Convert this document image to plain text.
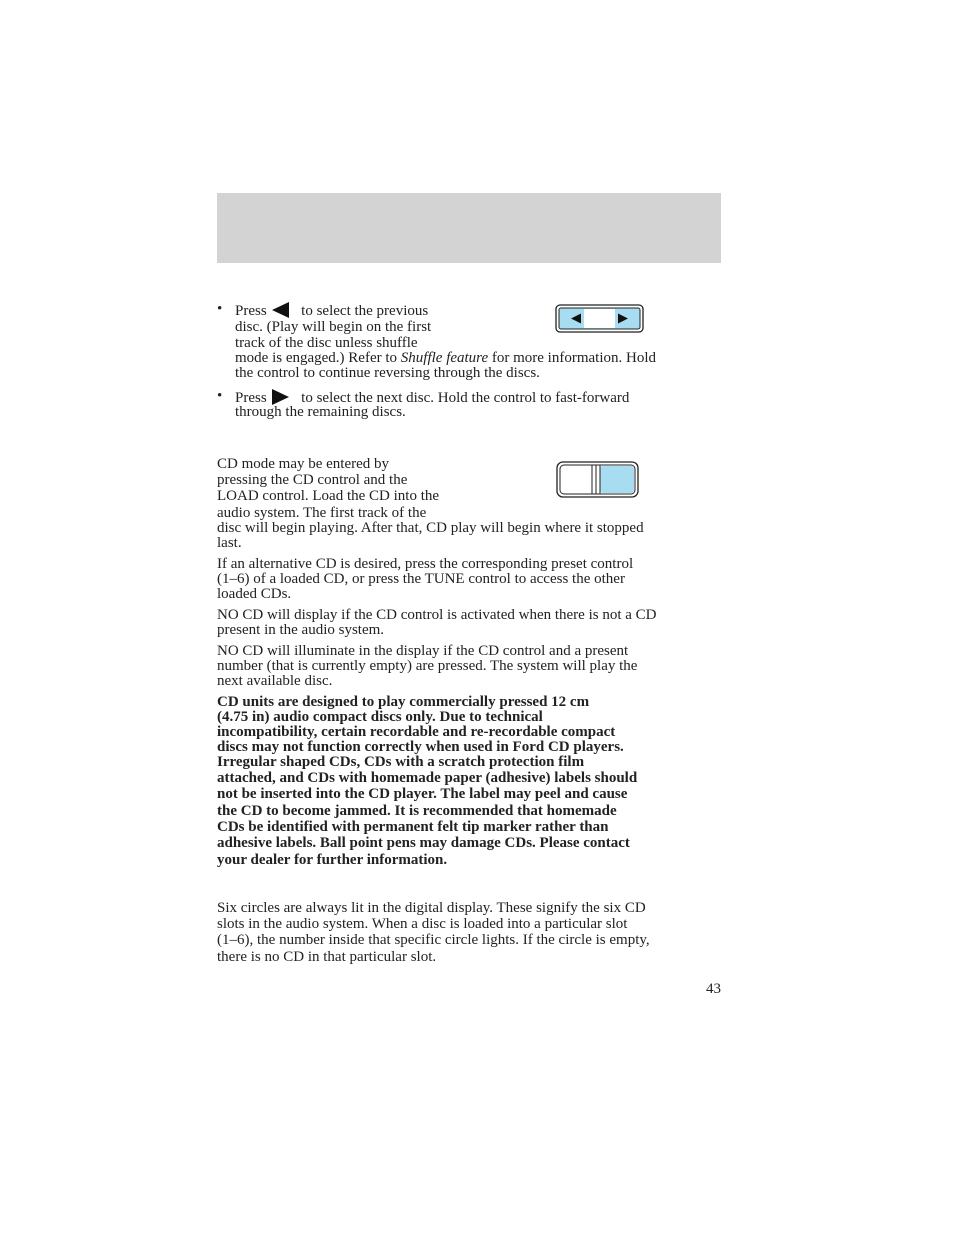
• Press to select the previous
disc. (Play will begin on the first
track of the disc unless shuffle
mode is engaged.) Refer to Shuffle feature for more information. Hold
the control to continue reversing through the discs.
• Press to select the next disc. Hold the control to fast-forward
through the remaining discs.
CD mode may be entered by
pressing the CD control and the
LOAD control. Load the CD into the
audio system. The first track of the
disc will begin playing. After that, CD play will begin where it stopped
last.
If an alternative CD is desired, press the corresponding preset control
(1–6) of a loaded CD, or press the TUNE control to access the other
loaded CDs.
NO CD will display if the CD control is activated when there is not a CD
present in the audio system.
NO CD will illuminate in the display if the CD control and a present
number (that is currently empty) are pressed. The system will play the
next available disc.
CD units are designed to play commercially pressed 12 cm
(4.75 in) audio compact discs only. Due to technical
incompatibility, certain recordable and re-recordable compact
discs may not function correctly when used in Ford CD players.
Irregular shaped CDs, CDs with a scratch protection film
attached, and CDs with homemade paper (adhesive) labels should
not be inserted into the CD player. The label may peel and cause
the CD to become jammed. It is recommended that homemade
CDs be identified with permanent felt tip marker rather than
adhesive labels. Ball point pens may damage CDs. Please contact
your dealer for further information.
Six circles are always lit in the digital display. These signify the six CD
slots in the audio system. When a disc is loaded into a particular slot
(1–6), the number inside that specific circle lights. If the circle is empty,
there is no CD in that particular slot.
43
